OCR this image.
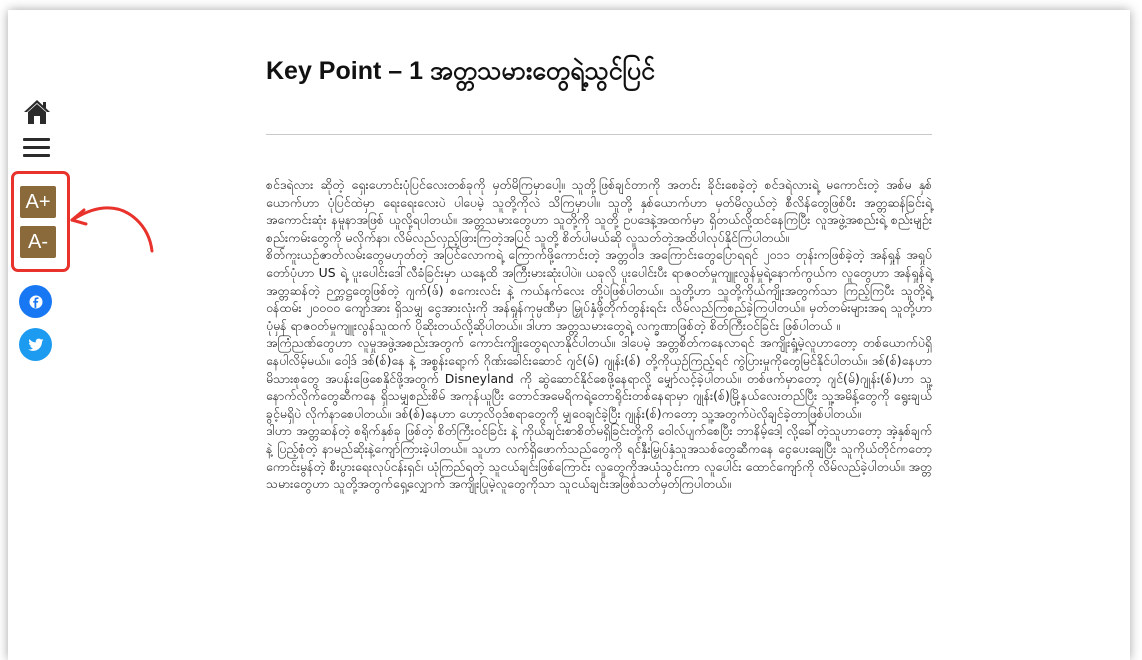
A+
A-
Key Point – 1 အတ္တသမားတွေရဲ့သွင်ပြင်

စင်ဒရဲလား ဆိုတဲ့ ရှေးဟောင်းပုံပြင်လေးတစ်ခုကို မှတ်မိကြမှာပေါ့။ သူတို့ဖြစ်ချင်တာကို အတင်း ခိုင်းစေခဲ့တဲ့ စင်ဒရဲလားရဲ့ မကောင်းတဲ့ အစ်မ နှစ်ယောက်ဟာ ပုံပြင်ထဲမှာ ရေးရေးလေးပဲ ပါပေမဲ့ သူတို့ကိုလဲ သိကြမှာပါ။ သူတို့ နှစ်ယောက်ဟာ မှတ်မိလွယ်တဲ့ စီလိန်တွေဖြစ်ပီး အတ္တဆန်ခြင်းရဲ့ အကောင်းဆုံး နမူနာအဖြစ် ယူလို့ရပါတယ်။ အတ္တသမားတွေဟာ သူတို့ကို သူတို့ ဥပဒေနဲ့အထက်မှာ ရှိတယ်လို့ထင်နေကြပြီး လူအဖွဲ့အစည်းရဲ့ စည်းမျဉ်းစည်းကမ်းတွေကို မလိုက်နာ၊ လိမ်လည်လှည့်ဖြားကြတဲ့အပြင် သူတို့ စိတ်ပါမယ်ဆို လူသတ်တဲ့အထိပါလုပ်နိုင်ကြပါတယ်။

စိတ်ကူးယဉ်ဇာတ်လမ်းတွေမဟုတ်တဲ့ အပြင်လောကရဲ့ ကြောက်ဖို့ကောင်းတဲ့ အတ္တဝါဒ အကြောင်းတွေပြောရရင် ၂၀၁၁ တုန်းကဖြစ်ခဲ့တဲ့ အန်ရှုန် အရှုပ်တော်ပုံဟာ US ရဲ့ ပူးပေါင်းဒေါ်လီခံခြင်းမှာ ယနေ့ထိ အကြီးမားဆုံးပါပဲ။ ယခုလို ပူးပေါင်းပီး ရာဇဝတ်မှုကျူးလွန်မှုရဲ့နောက်ကွယ်က လူတွေဟာ အန်ရှုန်ရဲ့ အတ္တဆန်တဲ့ ဉက္ကဋ္ဌတွေဖြစ်တဲ့ ဂျက်(ဖ်) စကေးလင်း နဲ့ ကယ်နက်လေး တို့ပဲဖြစ်ပါတယ်။ သူတို့ဟာ သူတို့ကိုယ်ကျိုးအတွက်သာ ကြည့်ကြပီး သူတို့ရဲ့ ဝန်ထမ်း ၂၀၀၀၀ ကျော်အား ရှိသမျှ ငွေအားလုံးကို အန်ရှုန်ကုမ္ပဏီမှာ မြှုပ်နှံဖို့တိုက်တွန်းရင်း လိမ်လည်ကြစည်ခဲ့ကြပါတယ်။ မှတ်တမ်းများအရ သူတို့ဟာ ပုံမှန် ရာဇဝတ်မှုကျူးလွန်သူထက် ပိုဆိုးတယ်လို့ဆိုပါတယ်။ ဒါဟာ အတ္တသမားတွေရဲ့ လက္ခဏာဖြစ်တဲ့ စိတ်ကြီးဝင်ခြင်း ဖြစ်ပါတယ် ။

အကြံညဏ်တွေဟာ လူမှုအဖွဲ့အစည်းအတွက် ကောင်းကျိုးတွေရလာနိုင်ပါတယ်။ ဒါပေမဲ့ အတ္တစိတ်ကနေလာရင် အကျိုးရှုံ့မဲ့လူဟာတော့ တစ်ယောက်ပဲရှိနေပါလိမ့်မယ်။ ဝေါ့ဒ် ဒစ်(စ်)နေ နဲ့ အစ္စန်းရော့က် ဂိုဏ်းခေါင်းဆောင် ဂျင်(မ်) ဂျုန်း(စ်) တို့ကိုယှဉ်ကြည့်ရင် ကွဲပြားမှုကိုတွေမြင်နိုင်ပါတယ်။ ဒစ်(စ်)နေဟာ မိသားစုတွေ အပန်းဖြေစေနိုင်ဖို့အတွက် Disneyland ကို ဆွဲဆောင်နိုင်စေဖို့နေရာလို့ မျှော်လင့်ခဲ့ပါတယ်။ တစ်ဖက်မှာတော့ ဂျင်(မ်)ဂျုန်း(စ်)ဟာ သူ့နောက်လိုက်တွေဆီကနေ ရှိသမျှစည်းစိမ် အကုန်ယူပြီး တောင်အမေရိကရဲ့တောရိုင်းတစ်နေရာမှာ ဂျုန်း(စ်)မြို့နယ်လေးတည်ပြီး သူ့အမိန့်တွေကို ရွေးချယ်ခွင့်မရှိပဲ လိုက်နာစေပါတယ်။ ဒစ်(စ်)နေဟာ ဟော့လိဝုဒ်စရာတွေကို မျှဝေချင်ခဲ့ပြီး ဂျုန်း(စ်)ကတော့ သူ့အတွက်ပဲလိုချင်ခဲ့တာဖြစ်ပါတယ်။

ဒါဟာ အတ္တဆန်တဲ့ စရိုက်နှစ်ခု ဖြစ်တဲ့ စိတ်ကြီးဝင်ခြင်း နဲ့ ကိုယ်ချင်းစာစိတ်မရှိခြင်းတို့ကို ဝေါလ်ပျက်စေပြီး ဘာနိမ့်ဒေါ့ လို့ခေါ်တဲ့သူဟာတော့ အဲ့နှစ်ချက်နဲ့ ပြည့်စုံတဲ့ နာမည်ဆိုးနဲ့ကျော်ကြားခဲ့ပါတယ်။ သူဟာ လက်ရှိဖောက်သည်တွေကို ရင်နှီးမြှုပ်နှံသူအသစ်တွေဆီကနေ ငွေပေးချေပြီး သူကိုယ်တိုင်ကတော့ ကောင်းမွန်တဲ့ စီးပွားရေးလုပ်ငန်းရှင်၊ ယုံကြည်ရတဲ့ သူငယ်ချင်းဖြစ်ကြောင်း လူတွေကိုအယုံသွင်းကာ လူပေါင်း ထောင်ကျော်ကို လိမ်လည်ခဲ့ပါတယ်။ အတ္တသမားတွေဟာ သူတို့အတွက်ရှေ့လျှောက် အကျိုးပြုမဲ့လူတွေကိုသာ သူငယ်ချင်းအဖြစ်သတ်မှတ်ကြပါတယ်။
